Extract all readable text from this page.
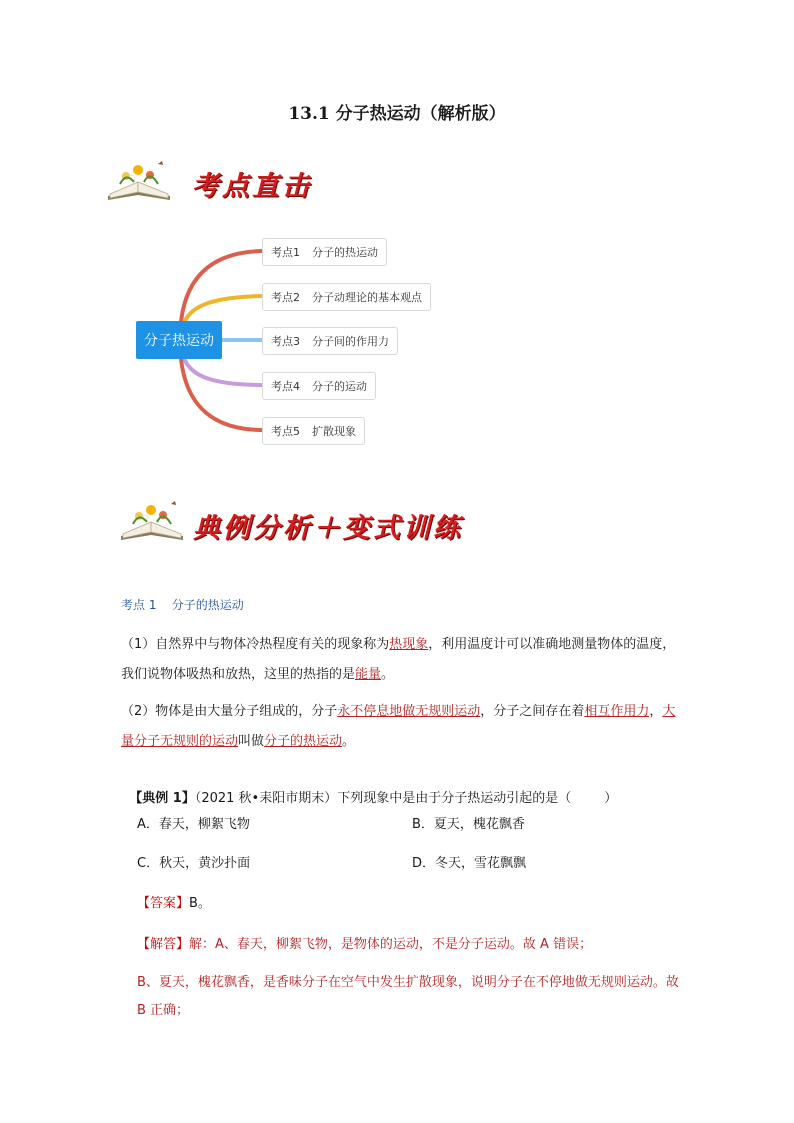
13.1 分子热运动（解析版）
考点直击
分子热运动
考点1 分子的热运动
考点2 分子动理论的基本观点
考点3 分子间的作用力
考点4 分子的运动
考点5 扩散现象
典例分析＋变式训练
考点 1    分子的热运动
（1）自然界中与物体冷热程度有关的现象称为热现象，利用温度计可以准确地测量物体的温度，我们说物体吸热和放热，这里的热指的是能量。
（2）物体是由大量分子组成的，分子永不停息地做无规则运动，分子之间存在着相互作用力，大量分子无规则的运动叫做分子的热运动。

【典例 1】（2021 秋•耒阳市期末）下列现象中是由于分子热运动引起的是（        ）

A．春天，柳絮飞物	B．夏天，槐花飘香
C．秋天，黄沙扑面	D．冬天，雪花飘飘
【答案】B。
【解答】解：A、春天，柳絮飞物，是物体的运动，不是分子运动。故 A 错误；
B、夏天，槐花飘香，是香味分子在空气中发生扩散现象，说明分子在不停地做无规则运动。故 B 正确；
